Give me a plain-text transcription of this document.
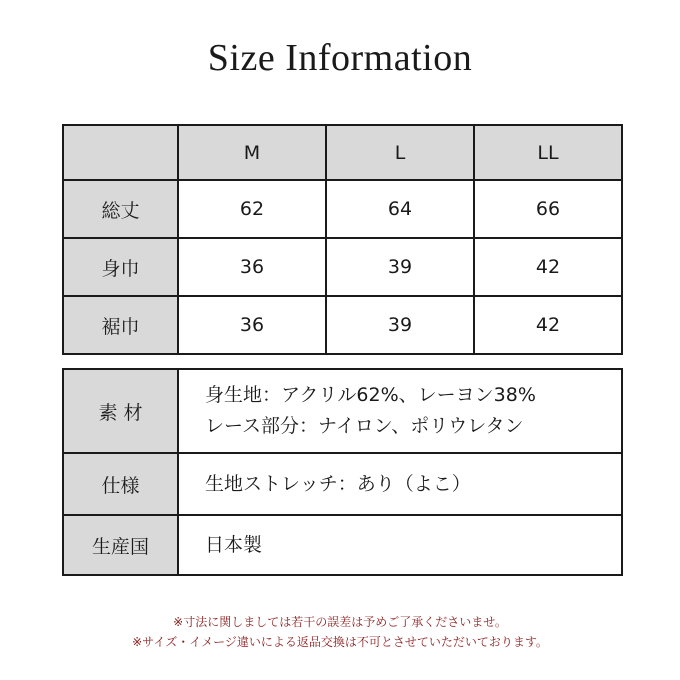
Size Information
	M	L	LL
総丈	62	64	66
身巾	36	39	42
裾巾	36	39	42
素 材	身生地：アクリル62%、レーヨン38%
レース部分：ナイロン、ポリウレタン

仕様	生地ストレッチ：あり（よこ）

生産国	日本製
※寸法に関しましては若干の誤差は予めご了承くださいませ。
※サイズ・イメージ違いによる返品交換は不可とさせていただいております。
